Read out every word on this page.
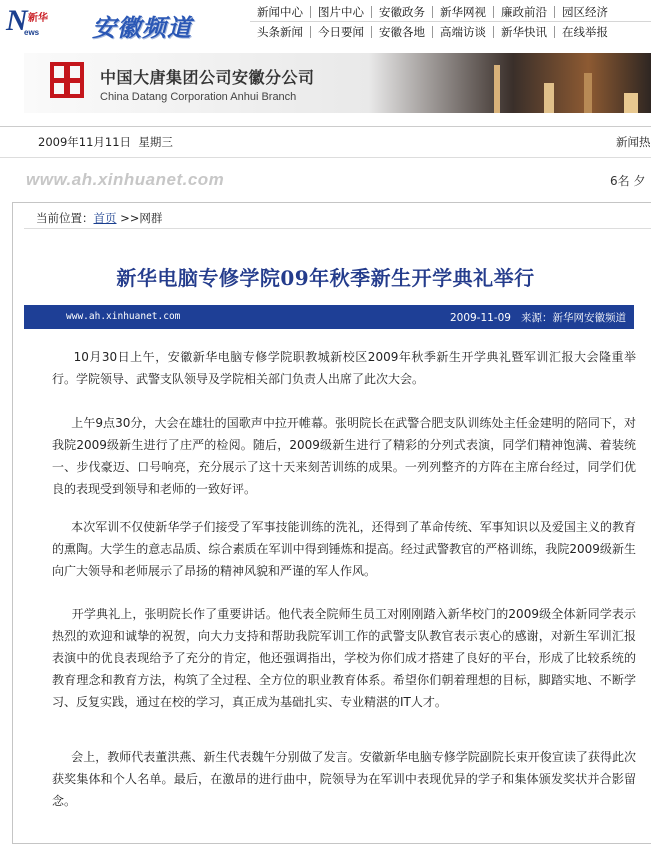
N 新华
ews 安徽频道
新闻中心	图片中心	安徽政务	新华网视	廉政前沿	园区经济
头条新闻	今日要闻	安徽各地	高端访谈	新华快讯	在线举报
中国大唐集团公司安徽分公司
China Datang Corporation Anhui Branch
2009年11月11日 星期三	新闻热
www.ah.xinhuanet.com	6名 夕
当前位置：首页 >>网群
新华电脑专修学院09年秋季新生开学典礼举行
www.ah.xinhuanet.com	2009-11-09 来源：新华网安徽频道
10月30日上午，安徽新华电脑专修学院职教城新校区2009年秋季新生开学典礼暨军训汇报大会隆重举行。学院领导、武警支队领导及学院相关部门负责人出席了此次大会。
上午9点30分，大会在雄壮的国歌声中拉开帷幕。张明院长在武警合肥支队训练处主任金建明的陪同下，对我院2009级新生进行了庄严的检阅。随后，2009级新生进行了精彩的分列式表演，同学们精神饱满、着装统一、步伐豪迈、口号响亮，充分展示了这十天来刻苦训练的成果。一列列整齐的方阵在主席台经过，同学们优良的表现受到领导和老师的一致好评。
本次军训不仅使新华学子们接受了军事技能训练的洗礼，还得到了革命传统、军事知识以及爱国主义的教育的熏陶。大学生的意志品质、综合素质在军训中得到锤炼和提高。经过武警教官的严格训练，我院2009级新生向广大领导和老师展示了昂扬的精神风貌和严谨的军人作风。
开学典礼上，张明院长作了重要讲话。他代表全院师生员工对刚刚踏入新华校门的2009级全体新同学表示热烈的欢迎和诚挚的祝贺，向大力支持和帮助我院军训工作的武警支队教官表示衷心的感谢，对新生军训汇报表演中的优良表现给予了充分的肯定，他还强调指出，学校为你们成才搭建了良好的平台，形成了比较系统的教育理念和教育方法，构筑了全过程、全方位的职业教育体系。希望你们朝着理想的目标，脚踏实地、不断学习、反复实践，通过在校的学习，真正成为基础扎实、专业精湛的IT人才。
会上，教师代表董洪燕、新生代表魏午分别做了发言。安徽新华电脑专修学院副院长束开俊宣读了获得此次获奖集体和个人名单。最后，在激昂的进行曲中，院领导为在军训中表现优异的学子和集体颁发奖状并合影留念。
